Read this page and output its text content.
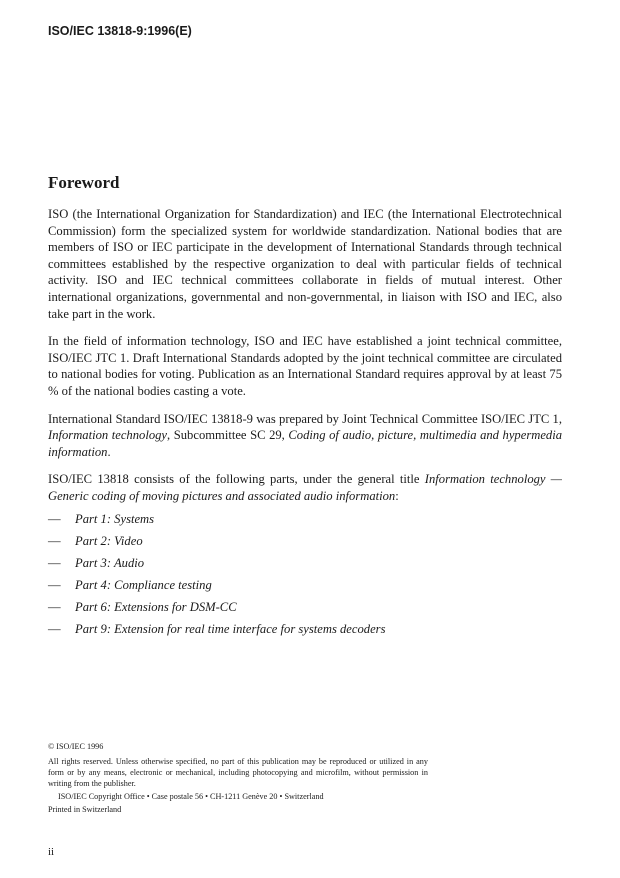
ISO/IEC 13818-9:1996(E)
Foreword

ISO (the International Organization for Standardization) and IEC (the International Electrotechnical Commission) form the specialized system for worldwide standardization. National bodies that are members of ISO or IEC participate in the development of International Standards through technical committees established by the respective organization to deal with particular fields of technical activity. ISO and IEC technical committees collaborate in fields of mutual interest. Other international organizations, governmental and non-governmental, in liaison with ISO and IEC, also take part in the work.

In the field of information technology, ISO and IEC have established a joint technical committee, ISO/IEC JTC 1. Draft International Standards adopted by the joint technical committee are circulated to national bodies for voting. Publication as an International Standard requires approval by at least 75 % of the national bodies casting a vote.

International Standard ISO/IEC 13818-9 was prepared by Joint Technical Committee ISO/IEC JTC 1, Information technology, Subcommittee SC 29, Coding of audio, picture, multimedia and hypermedia information.

ISO/IEC 13818 consists of the following parts, under the general title Information technology — Generic coding of moving pictures and associated audio information:

—	Part 1: Systems
—	Part 2: Video
—	Part 3: Audio
—	Part 4: Compliance testing
—	Part 6: Extensions for DSM-CC
—	Part 9: Extension for real time interface for systems decoders
© ISO/IEC 1996
All rights reserved. Unless otherwise specified, no part of this publication may be reproduced or utilized in any form or by any means, electronic or mechanical, including photocopying and microfilm, without permission in writing from the publisher.
ISO/IEC Copyright Office • Case postale 56 • CH-1211 Genève 20 • Switzerland
Printed in Switzerland
ii
